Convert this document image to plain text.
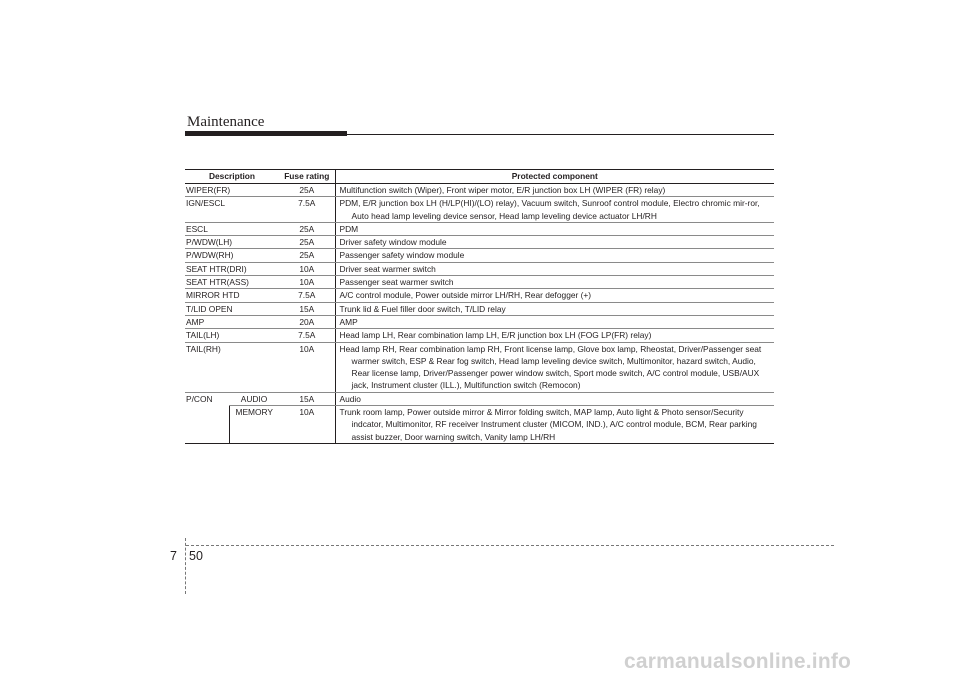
Maintenance
Description		Fuse rating	Protected component
WIPER(FR)		25A	Multifunction switch (Wiper), Front wiper motor, E/R junction box LH (WIPER (FR) relay)

IGN/ESCL		7.5A	PDM, E/R junction box LH (H/LP(HI)/(LO) relay), Vacuum switch, Sunroof control module, Electro chromic mir-ror, Auto head lamp leveling device sensor, Head lamp leveling device actuator LH/RH

ESCL		25A	PDM

P/WDW(LH)		25A	Driver safety window module

P/WDW(RH)		25A	Passenger safety window module

SEAT HTR(DRI)		10A	Driver seat warmer switch

SEAT HTR(ASS)		10A	Passenger seat warmer switch

MIRROR HTD		7.5A	A/C control module, Power outside mirror LH/RH, Rear defogger (+)

T/LID OPEN		15A	Trunk lid & Fuel filler door switch, T/LID relay

AMP		20A	AMP

TAIL(LH)		7.5A	Head lamp LH, Rear combination lamp LH, E/R junction box LH (FOG LP(FR) relay)

TAIL(RH)		10A	Head lamp RH, Rear combination lamp RH, Front license lamp, Glove box lamp, Rheostat, Driver/Passenger seat warmer switch, ESP & Rear fog switch, Head lamp leveling device switch, Multimonitor, hazard switch, Audio, Rear license lamp, Driver/Passenger power window switch, Sport mode switch, A/C control module, USB/AUX jack, Instrument cluster (ILL.), Multifunction switch (Remocon)

P/CON	AUDIO	15A	Audio

	MEMORY	10A	Trunk room lamp, Power outside mirror & Mirror folding switch, MAP lamp, Auto light & Photo sensor/Security indcator, Multimonitor, RF receiver Instrument cluster (MICOM, IND.), A/C control module, BCM, Rear parking assist buzzer, Door warning switch, Vanity lamp LH/RH
7 50
carmanualsonline.info
